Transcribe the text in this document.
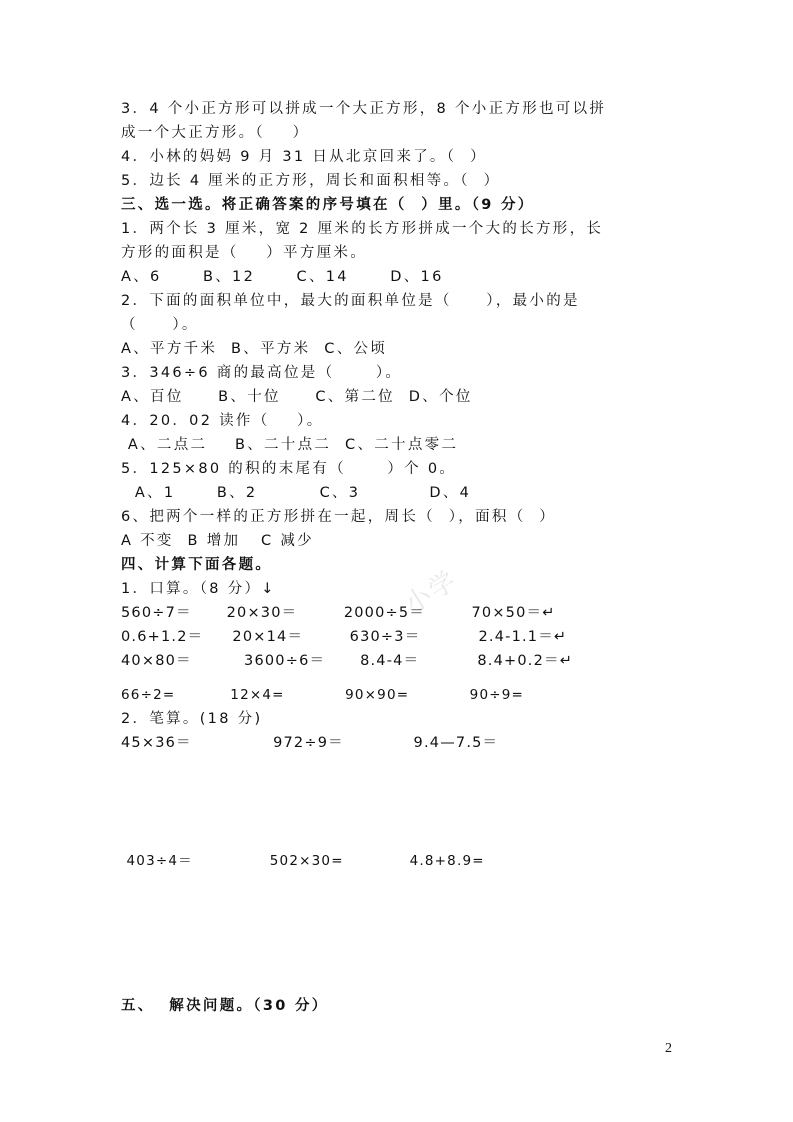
小学
3．4 个小正方形可以拼成一个大正方形，8 个小正方形也可以拼
成一个大正方形。（    ）
4．小林的妈妈 9 月 31 日从北京回来了。（  ）
5．边长 4 厘米的正方形，周长和面积相等。（  ）
三、选一选。将正确答案的序号填在（  ）里。（9 分）
1．两个长 3 厘米，宽 2 厘米的长方形拼成一个大的长方形，长
方形的面积是（    ）平方厘米。
A、6      B、12      C、14      D、16
2．下面的面积单位中，最大的面积单位是（     ），最小的是
（     ）。
A、平方千米  B、平方米  C、公顷
3．346÷6 商的最高位是（      ）。
A、百位     B、十位     C、第二位  D、个位
4．20．02 读作（    ）。
A、二点二    B、二十点二  C、二十点零二
5．125×80 的积的末尾有（      ）个 0。
A、1      B、2         C、3          D、4
6、把两个一样的正方形拼在一起，周长（  ），面积（  ）
A 不变  B 增加   C 减少
四、计算下面各题。
1．口算。（8 分）↓
560÷7＝      20×30＝        2000÷5＝        70×50＝↵
0.6+1.2＝     20×14＝        630÷3＝          2.4-1.1＝↵
40×80＝         3600÷6＝      8.4-4＝          8.4+0.2＝↵
66÷2=          12×4=           90×90=           90÷9=
2．笔算。(18 分)
45×36＝              972÷9＝            9.4—7.5＝
403÷4＝              502×30=            4.8+8.9=
五、  解决问题。（30 分）
2
